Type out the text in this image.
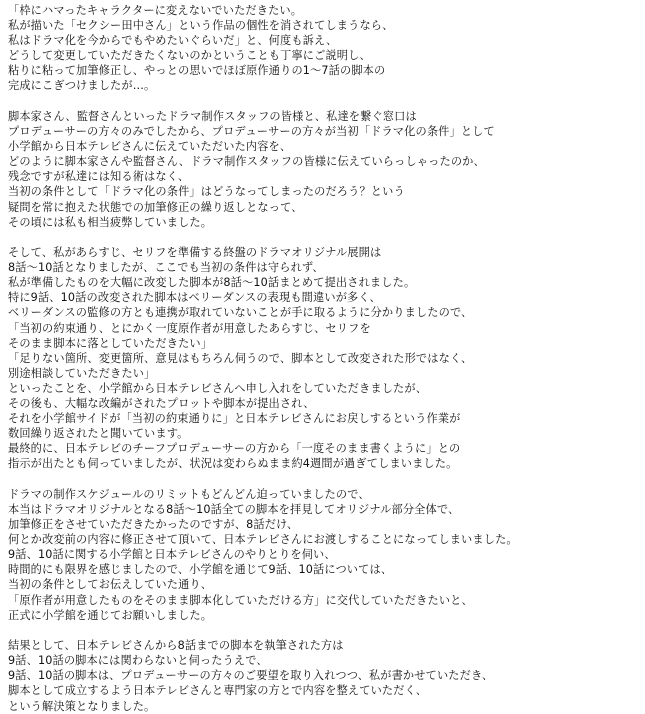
「枠にハマったキャラクターに変えないでいただきたい。
私が描いた「セクシー田中さん」という作品の個性を消されてしまうなら、
私はドラマ化を今からでもやめたいぐらいだ」と、何度も訴え、
どうして変更していただきたくないのかということも丁寧にご説明し、
粘りに粘って加筆修正し、やっとの思いでほぼ原作通りの1～7話の脚本の
完成にこぎつけましたが…。
脚本家さん、監督さんといったドラマ制作スタッフの皆様と、私達を繋ぐ窓口は
プロデューサーの方々のみでしたから、プロデューサーの方々が当初「ドラマ化の条件」として
小学館から日本テレビさんに伝えていただいた内容を、
どのように脚本家さんや監督さん、ドラマ制作スタッフの皆様に伝えていらっしゃったのか、
残念ですが私達には知る術はなく、
当初の条件として「ドラマ化の条件」はどうなってしまったのだろう？という
疑問を常に抱えた状態での加筆修正の繰り返しとなって、
その頃には私も相当疲弊していました。
そして、私があらすじ、セリフを準備する終盤のドラマオリジナル展開は
8話～10話となりましたが、ここでも当初の条件は守られず、
私が準備したものを大幅に改変した脚本が8話～10話まとめて提出されました。
特に9話、10話の改変された脚本はベリーダンスの表現も間違いが多く、
ベリーダンスの監修の方とも連携が取れていないことが手に取るように分かりましたので、
「当初の約束通り、とにかく一度原作者が用意したあらすじ、セリフを
そのまま脚本に落としていただきたい」
「足りない箇所、変更箇所、意見はもちろん伺うので、脚本として改変された形ではなく、
別途相談していただきたい」
といったことを、小学館から日本テレビさんへ申し入れをしていただきましたが、
その後も、大幅な改編がされたプロットや脚本が提出され、
それを小学館サイドが「当初の約束通りに」と日本テレビさんにお戻しするという作業が
数回繰り返されたと聞いています。
最終的に、日本テレビのチーフプロデューサーの方から「一度そのまま書くように」との
指示が出たとも伺っていましたが、状況は変わらぬまま約4週間が過ぎてしまいました。
ドラマの制作スケジュールのリミットもどんどん迫っていましたので、
本当はドラマオリジナルとなる8話～10話全ての脚本を拝見してオリジナル部分全体で、
加筆修正をさせていただきたかったのですが、8話だけ、
何とか改変前の内容に修正させて頂いて、日本テレビさんにお渡しすることになってしまいました。
9話、10話に関する小学館と日本テレビさんのやりとりを伺い、
時間的にも限界を感じましたので、小学館を通じて9話、10話については、
当初の条件としてお伝えしていた通り、
「原作者が用意したものをそのまま脚本化していただける方」に交代していただきたいと、
正式に小学館を通じてお願いしました。
結果として、日本テレビさんから8話までの脚本を執筆された方は
9話、10話の脚本には関わらないと伺ったうえで、
9話、10話の脚本は、プロデューサーの方々のご要望を取り入れつつ、私が書かせていただき、
脚本として成立するよう日本テレビさんと専門家の方とで内容を整えていただく、
という解決策となりました。
